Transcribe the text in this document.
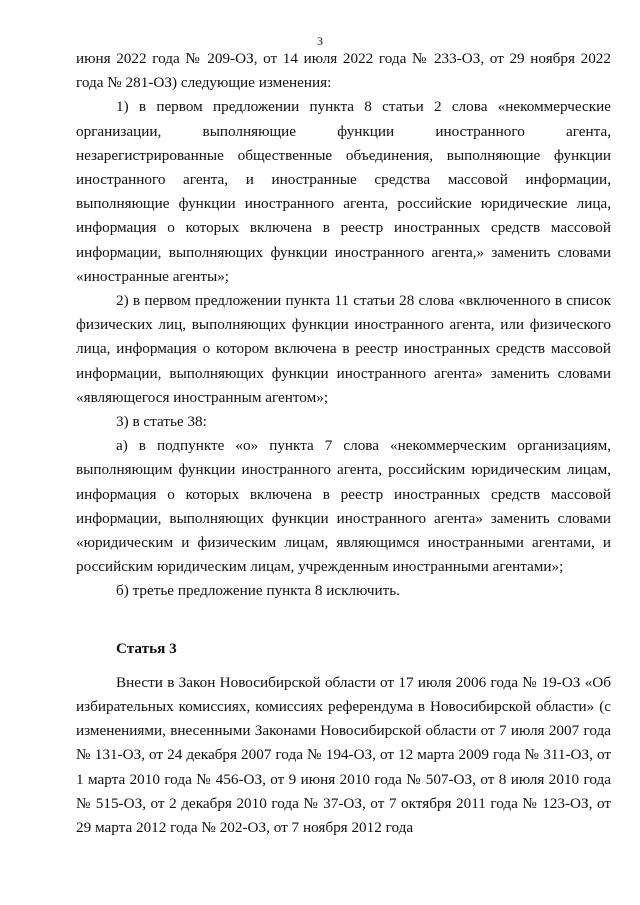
3

июня 2022 года № 209-ОЗ, от 14 июля 2022 года № 233-ОЗ, от 29 ноября 2022 года № 281-ОЗ) следующие изменения:

1) в первом предложении пункта 8 статьи 2 слова «некоммерческие организации, выполняющие функции иностранного агента, незарегистрированные общественные объединения, выполняющие функции иностранного агента, и иностранные средства массовой информации, выполняющие функции иностранного агента, российские юридические лица, информация о которых включена в реестр иностранных средств массовой информации, выполняющих функции иностранного агента,» заменить словами «иностранные агенты»;

2) в первом предложении пункта 11 статьи 28 слова «включенного в список физических лиц, выполняющих функции иностранного агента, или физического лица, информация о котором включена в реестр иностранных средств массовой информации, выполняющих функции иностранного агента» заменить словами «являющегося иностранным агентом»;

3) в статье 38:

а) в подпункте «о» пункта 7 слова «некоммерческим организациям, выполняющим функции иностранного агента, российским юридическим лицам, информация о которых включена в реестр иностранных средств массовой информации, выполняющих функции иностранного агента» заменить словами «юридическим и физическим лицам, являющимся иностранными агентами, и российским юридическим лицам, учрежденным иностранными агентами»;

б) третье предложение пункта 8 исключить.

Статья 3

Внести в Закон Новосибирской области от 17 июля 2006 года № 19-ОЗ «Об избирательных комиссиях, комиссиях референдума в Новосибирской области» (с изменениями, внесенными Законами Новосибирской области от 7 июля 2007 года № 131-ОЗ, от 24 декабря 2007 года № 194-ОЗ, от 12 марта 2009 года № 311-ОЗ, от 1 марта 2010 года № 456-ОЗ, от 9 июня 2010 года № 507-ОЗ, от 8 июля 2010 года № 515-ОЗ, от 2 декабря 2010 года № 37-ОЗ, от 7 октября 2011 года № 123-ОЗ, от 29 марта 2012 года № 202-ОЗ, от 7 ноября 2012 года
